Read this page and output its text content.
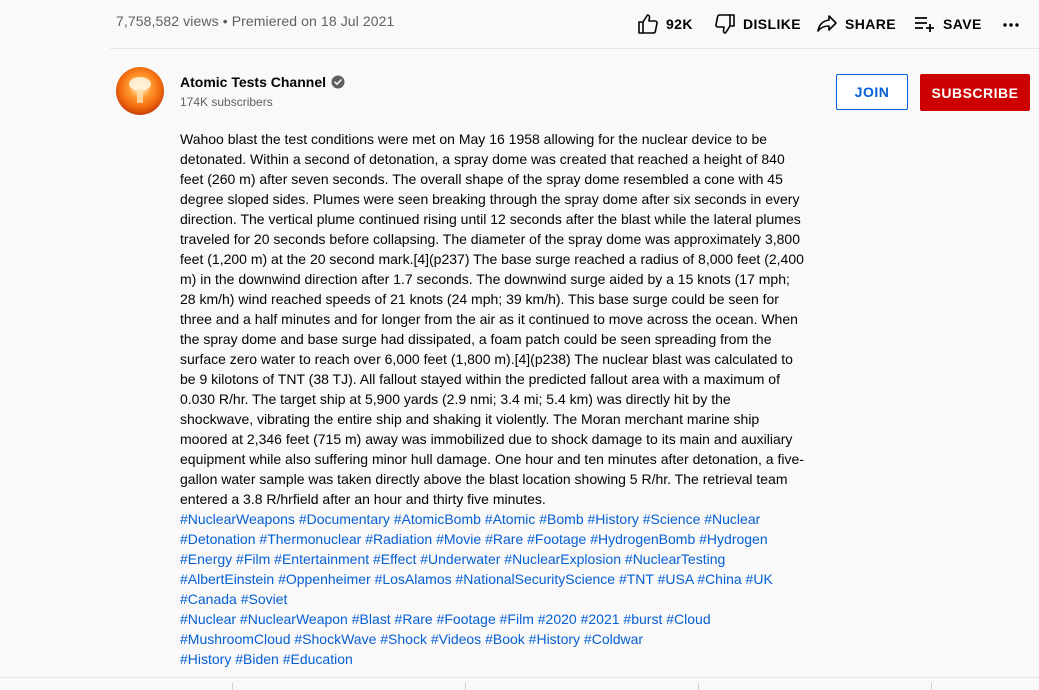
7,758,582 views • Premiered on 18 Jul 2021	92K	DISLIKE	SHARE	SAVE
Atomic Tests Channel
174K subscribers
JOIN	SUBSCRIBE

Wahoo blast the test conditions were met on May 16 1958 allowing for the nuclear device to be detonated. Within a second of detonation, a spray dome was created that reached a height of 840 feet (260 m) after seven seconds. The overall shape of the spray dome resembled a cone with 45 degree sloped sides. Plumes were seen breaking through the spray dome after six seconds in every direction. The vertical plume continued rising until 12 seconds after the blast while the lateral plumes traveled for 20 seconds before collapsing. The diameter of the spray dome was approximately 3,800 feet (1,200 m) at the 20 second mark.[4](p237) The base surge reached a radius of 8,000 feet (2,400 m) in the downwind direction after 1.7 seconds. The downwind surge aided by a 15 knots (17 mph; 28 km/h) wind reached speeds of 21 knots (24 mph; 39 km/h). This base surge could be seen for three and a half minutes and for longer from the air as it continued to move across the ocean. When the spray dome and base surge had dissipated, a foam patch could be seen spreading from the surface zero water to reach over 6,000 feet (1,800 m).[4](p238) The nuclear blast was calculated to be 9 kilotons of TNT (38 TJ). All fallout stayed within the predicted fallout area with a maximum of 0.030 R/hr. The target ship at 5,900 yards (2.9 nmi; 3.4 mi; 5.4 km) was directly hit by the shockwave, vibrating the entire ship and shaking it violently. The Moran merchant marine ship moored at 2,346 feet (715 m) away was immobilized due to shock damage to its main and auxiliary equipment while also suffering minor hull damage. One hour and ten minutes after detonation, a five-gallon water sample was taken directly above the blast location showing 5 R/hr. The retrieval team entered a 3.8 R/hrfield after an hour and thirty five minutes.

#NuclearWeapons #Documentary #AtomicBomb #Atomic #Bomb #History #Science #Nuclear
#Detonation #Thermonuclear #Radiation #Movie #Rare #Footage #HydrogenBomb #Hydrogen
#Energy #Film #Entertainment #Effect #Underwater #NuclearExplosion #NuclearTesting
#AlbertEinstein #Oppenheimer #LosAlamos #NationalSecurityScience #TNT #USA #China #UK
#Canada #Soviet
#Nuclear #NuclearWeapon #Blast #Rare #Footage #Film #2020 #2021 #burst #Cloud
#MushroomCloud #ShockWave #Shock #Videos #Book #History #Coldwar
#History #Biden #Education
